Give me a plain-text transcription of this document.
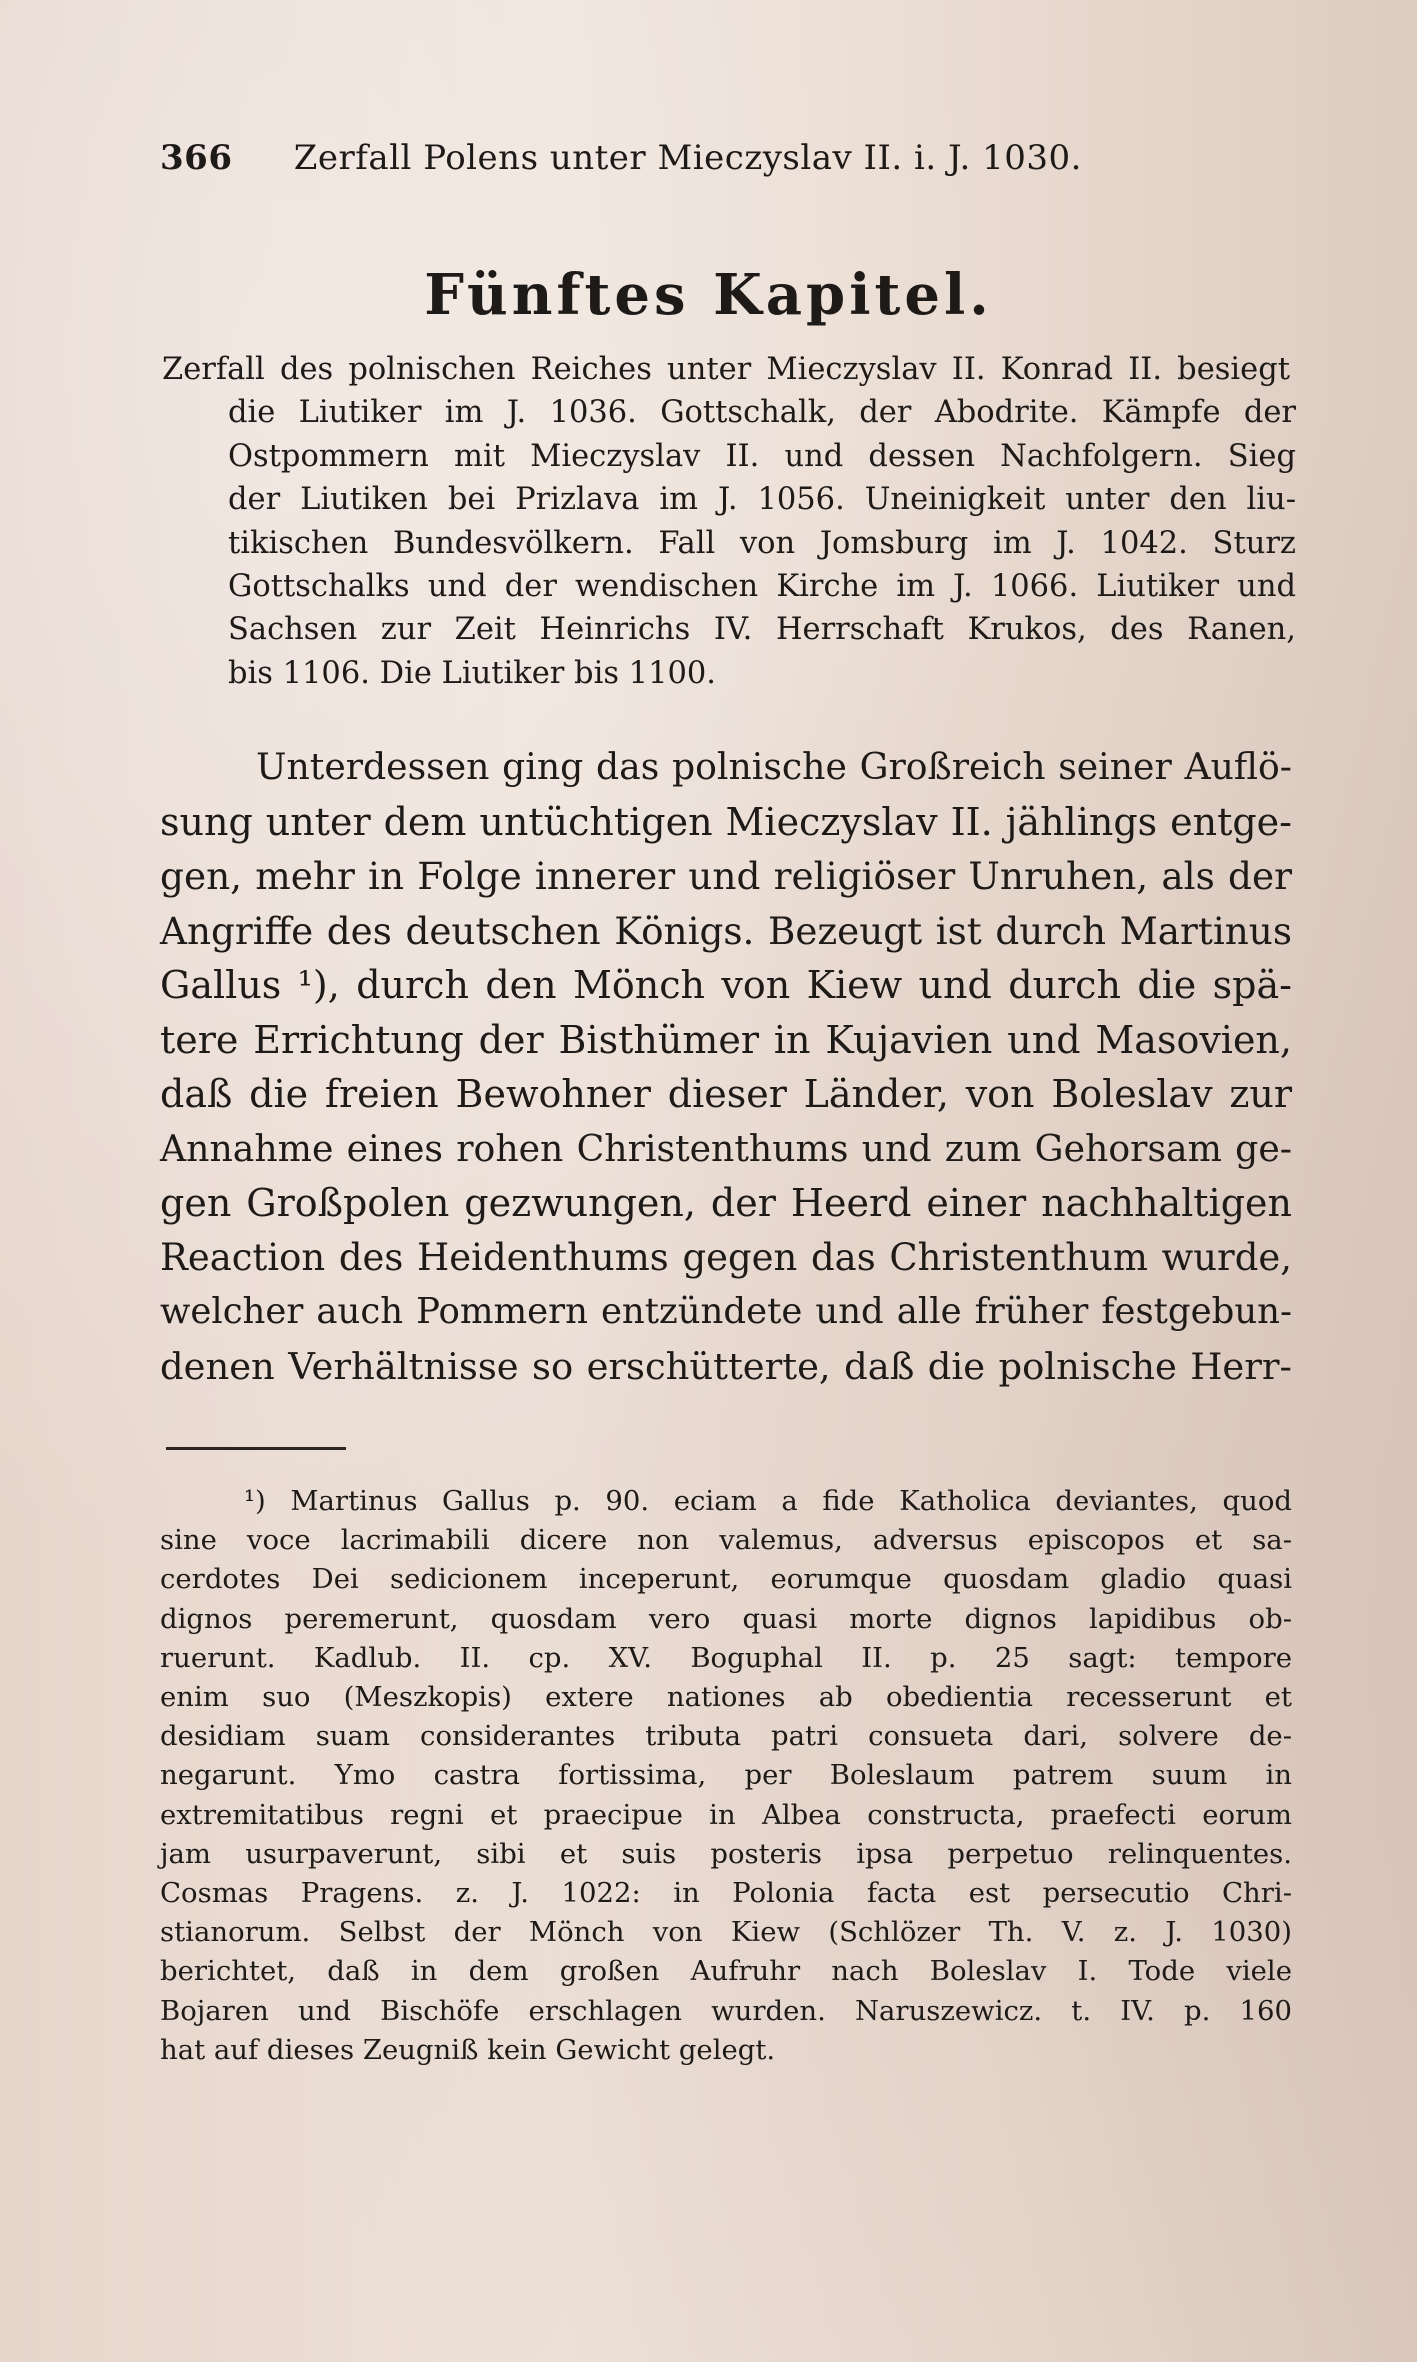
366 Zerfall Polens unter Mieczyslav II. i. J. 1030.
Fünftes Kapitel.
Zerfall des polnischen Reiches unter Mieczyslav II. Konrad II. besiegt
die Liutiker im J. 1036. Gottschalk, der Abodrite. Kämpfe der
Ostpommern mit Mieczyslav II. und dessen Nachfolgern. Sieg
der Liutiken bei Prizlava im J. 1056. Uneinigkeit unter den liu-
tikischen Bundesvölkern. Fall von Jomsburg im J. 1042. Sturz
Gottschalks und der wendischen Kirche im J. 1066. Liutiker und
Sachsen zur Zeit Heinrichs IV. Herrschaft Krukos, des Ranen,
bis 1106. Die Liutiker bis 1100.
Unterdessen ging das polnische Großreich seiner Auflö-
sung unter dem untüchtigen Mieczyslav II. jählings entge-
gen, mehr in Folge innerer und religiöser Unruhen, als der
Angriffe des deutschen Königs. Bezeugt ist durch Martinus
Gallus ¹), durch den Mönch von Kiew und durch die spä-
tere Errichtung der Bisthümer in Kujavien und Masovien,
daß die freien Bewohner dieser Länder, von Boleslav zur
Annahme eines rohen Christenthums und zum Gehorsam ge-
gen Großpolen gezwungen, der Heerd einer nachhaltigen
Reaction des Heidenthums gegen das Christenthum wurde,
welcher auch Pommern entzündete und alle früher festgebun-
denen Verhältnisse so erschütterte, daß die polnische Herr-
¹) Martinus Gallus p. 90. eciam a fide Katholica deviantes, quod
sine voce lacrimabili dicere non valemus, adversus episcopos et sa-
cerdotes Dei sedicionem inceperunt, eorumque quosdam gladio quasi
dignos peremerunt, quosdam vero quasi morte dignos lapidibus ob-
ruerunt. Kadlub. II. cp. XV. Boguphal II. p. 25 sagt: tempore
enim suo (Meszkopis) extere nationes ab obedientia recesserunt et
desidiam suam considerantes tributa patri consueta dari, solvere de-
negarunt. Ymo castra fortissima, per Boleslaum patrem suum in
extremitatibus regni et praecipue in Albea constructa, praefecti eorum
jam usurpaverunt, sibi et suis posteris ipsa perpetuo relinquentes.
Cosmas Pragens. z. J. 1022: in Polonia facta est persecutio Chri-
stianorum. Selbst der Mönch von Kiew (Schlözer Th. V. z. J. 1030)
berichtet, daß in dem großen Aufruhr nach Boleslav I. Tode viele
Bojaren und Bischöfe erschlagen wurden. Naruszewicz. t. IV. p. 160
hat auf dieses Zeugniß kein Gewicht gelegt.
